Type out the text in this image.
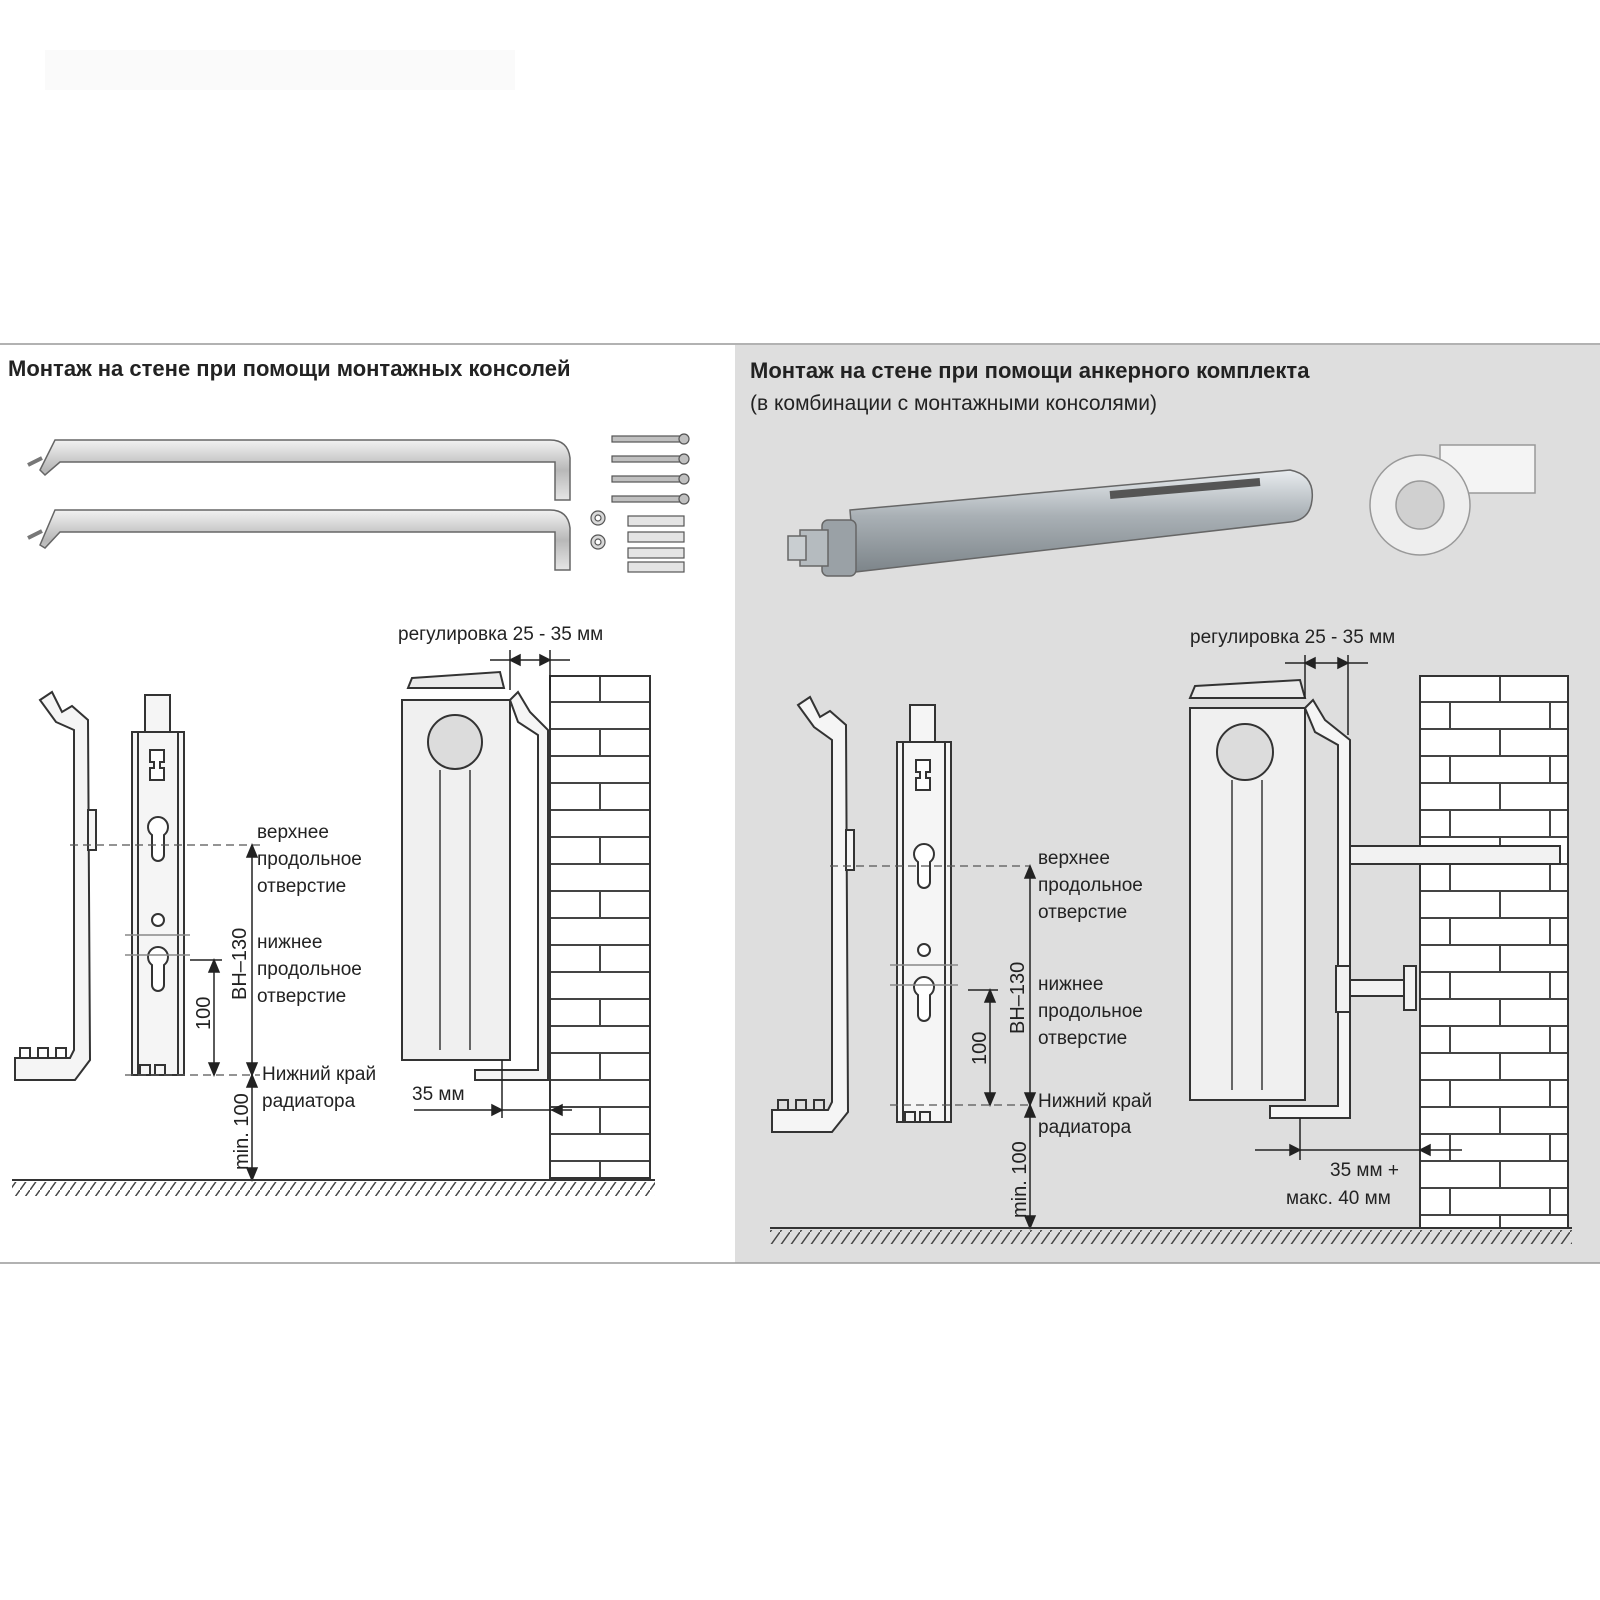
Монтаж на стене при помощи монтажных консолей
BH–130
100
min. 100
верхнее
продольное
отверстие
нижнее
продольное
отверстие
Нижний край
радиатора
регулировка 25 - 35 мм
35 мм
Монтаж на стене при помощи анкерного комплекта
(в комбинации с монтажными консолями)
BH–130
100
min. 100
верхнее
продольное
отверстие
нижнее
продольное
отверстие
Нижний край
радиатора
регулировка 25 - 35 мм
35 мм +
макс. 40 мм
